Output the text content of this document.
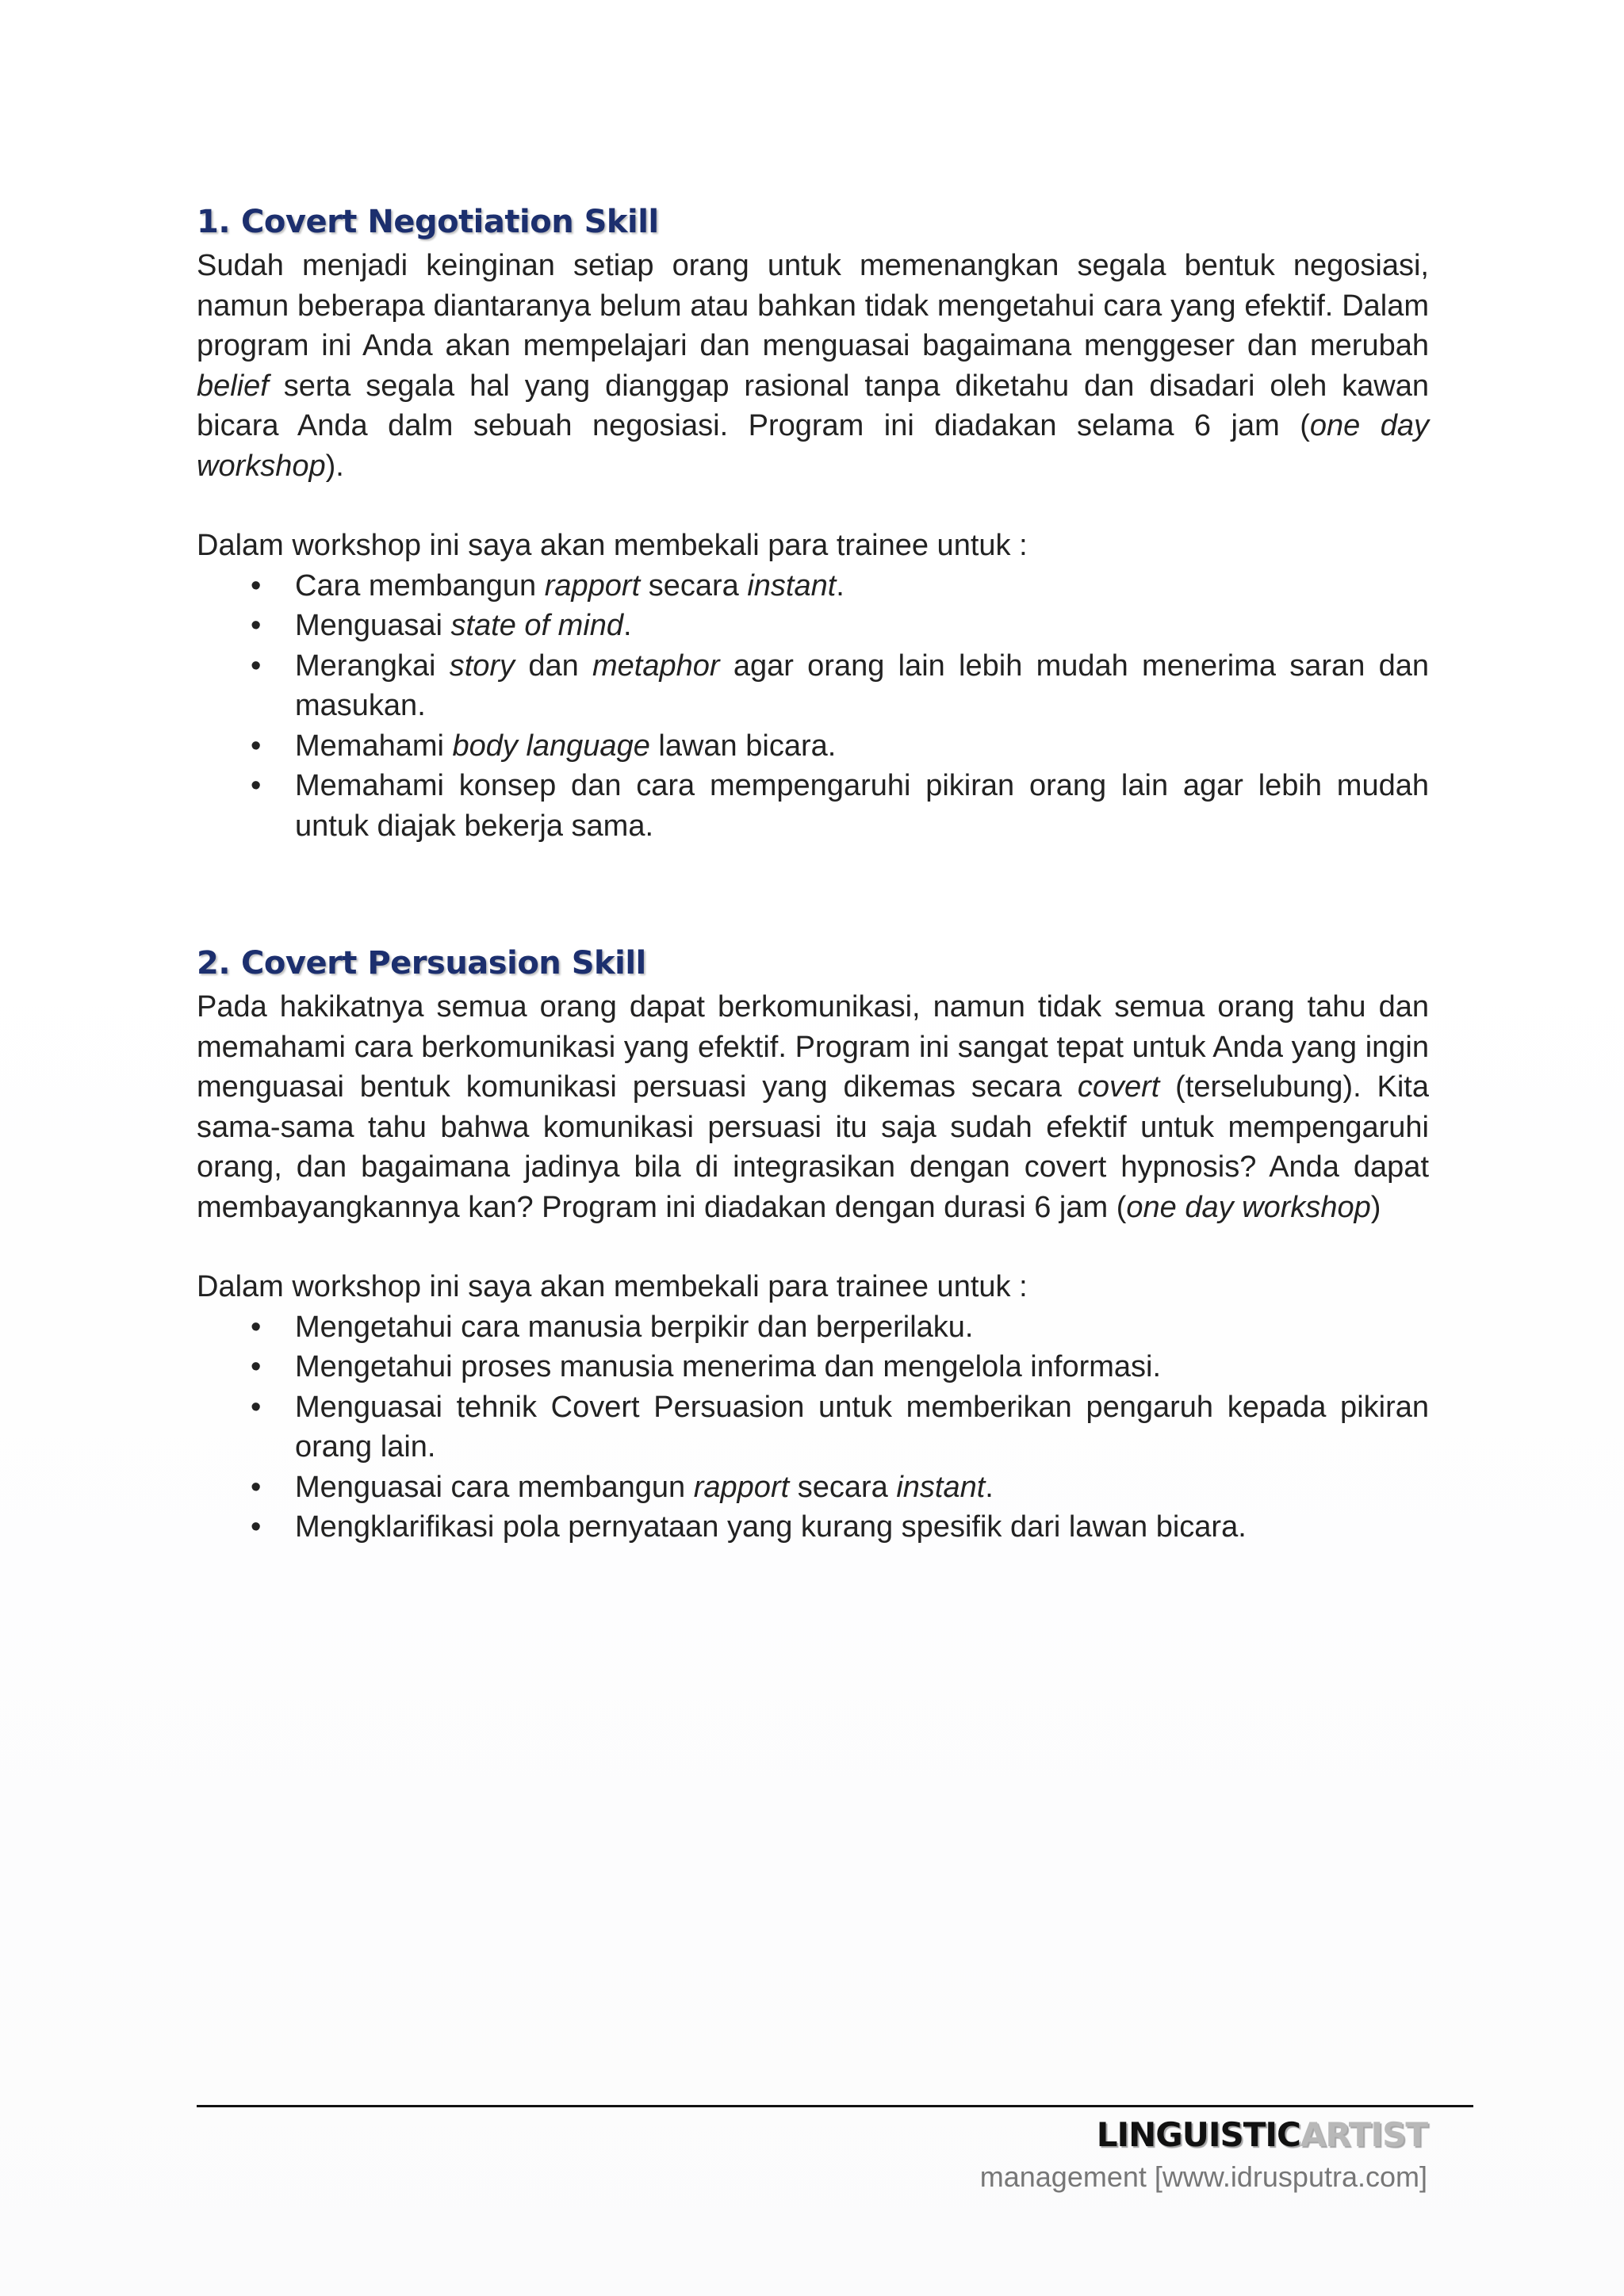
1. Covert Negotiation Skill

Sudah menjadi keinginan setiap orang untuk memenangkan segala bentuk negosiasi, namun beberapa diantaranya belum atau bahkan tidak mengetahui cara yang efektif. Dalam program ini Anda akan mempelajari dan menguasai bagaimana menggeser dan merubah belief serta segala hal yang dianggap rasional tanpa diketahu dan disadari oleh kawan bicara Anda dalm sebuah negosiasi. Program ini diadakan selama 6 jam (one day workshop).

Dalam workshop ini saya akan membekali para trainee untuk :

• Cara membangun rapport secara instant.
• Menguasai state of mind.
• Merangkai story dan metaphor agar orang lain lebih mudah menerima saran dan masukan.
• Memahami body language lawan bicara.
• Memahami konsep dan cara mempengaruhi pikiran orang lain agar lebih mudah untuk diajak bekerja sama.
2. Covert Persuasion Skill

Pada hakikatnya semua orang dapat berkomunikasi, namun tidak semua orang tahu dan memahami cara berkomunikasi yang efektif. Program ini sangat tepat untuk Anda yang ingin menguasai bentuk komunikasi persuasi yang dikemas secara covert (terselubung). Kita sama-sama tahu bahwa komunikasi persuasi itu saja sudah efektif untuk mempengaruhi orang, dan bagaimana jadinya bila di integrasikan dengan covert hypnosis? Anda dapat membayangkannya kan? Program ini diadakan dengan durasi 6 jam (one day workshop)

Dalam workshop ini saya akan membekali para trainee untuk :

• Mengetahui cara manusia berpikir dan berperilaku.
• Mengetahui proses manusia menerima dan mengelola informasi.
• Menguasai tehnik Covert Persuasion untuk memberikan pengaruh kepada pikiran orang lain.
• Menguasai cara membangun rapport secara instant.
• Mengklarifikasi pola pernyataan yang kurang spesifik dari lawan bicara.
LINGUISTICARTIST
management [www.idrusputra.com]
